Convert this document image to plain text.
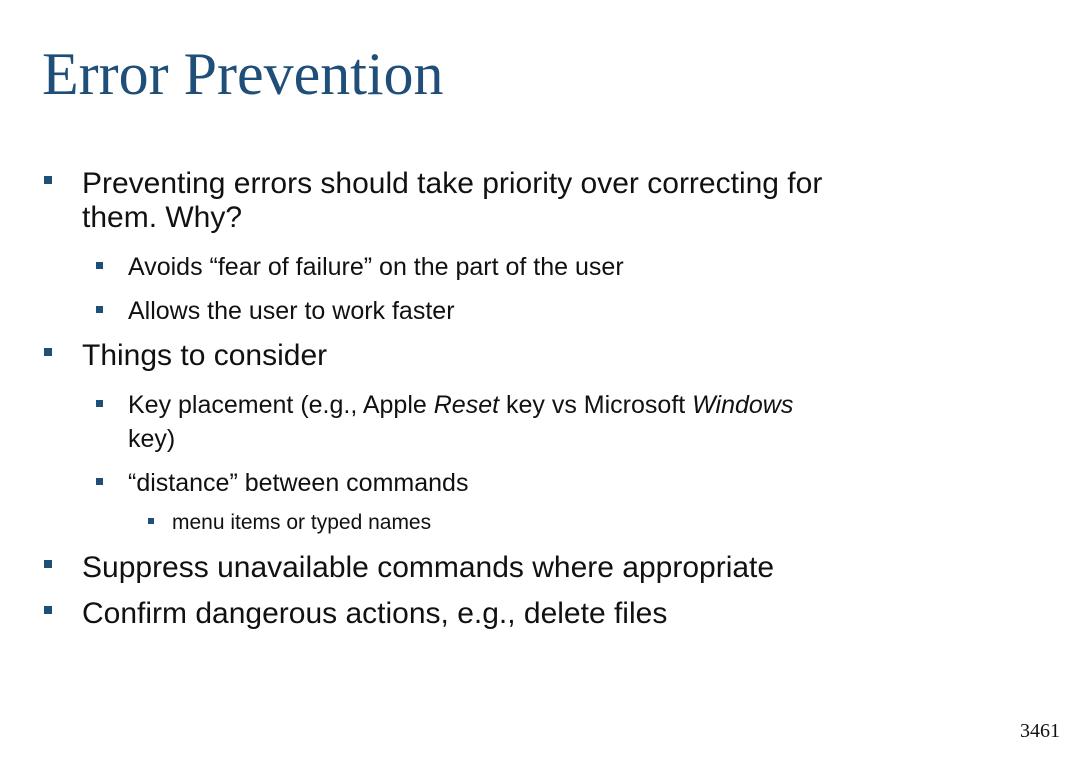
Error Prevention
Preventing errors should take priority over correcting for
them. Why?
Avoids “fear of failure” on the part of the user
Allows the user to work faster
Things to consider
Key placement (e.g., Apple Reset key vs Microsoft Windows
key)
“distance” between commands
menu items or typed names
Suppress unavailable commands where appropriate
Confirm dangerous actions, e.g., delete files
3461
